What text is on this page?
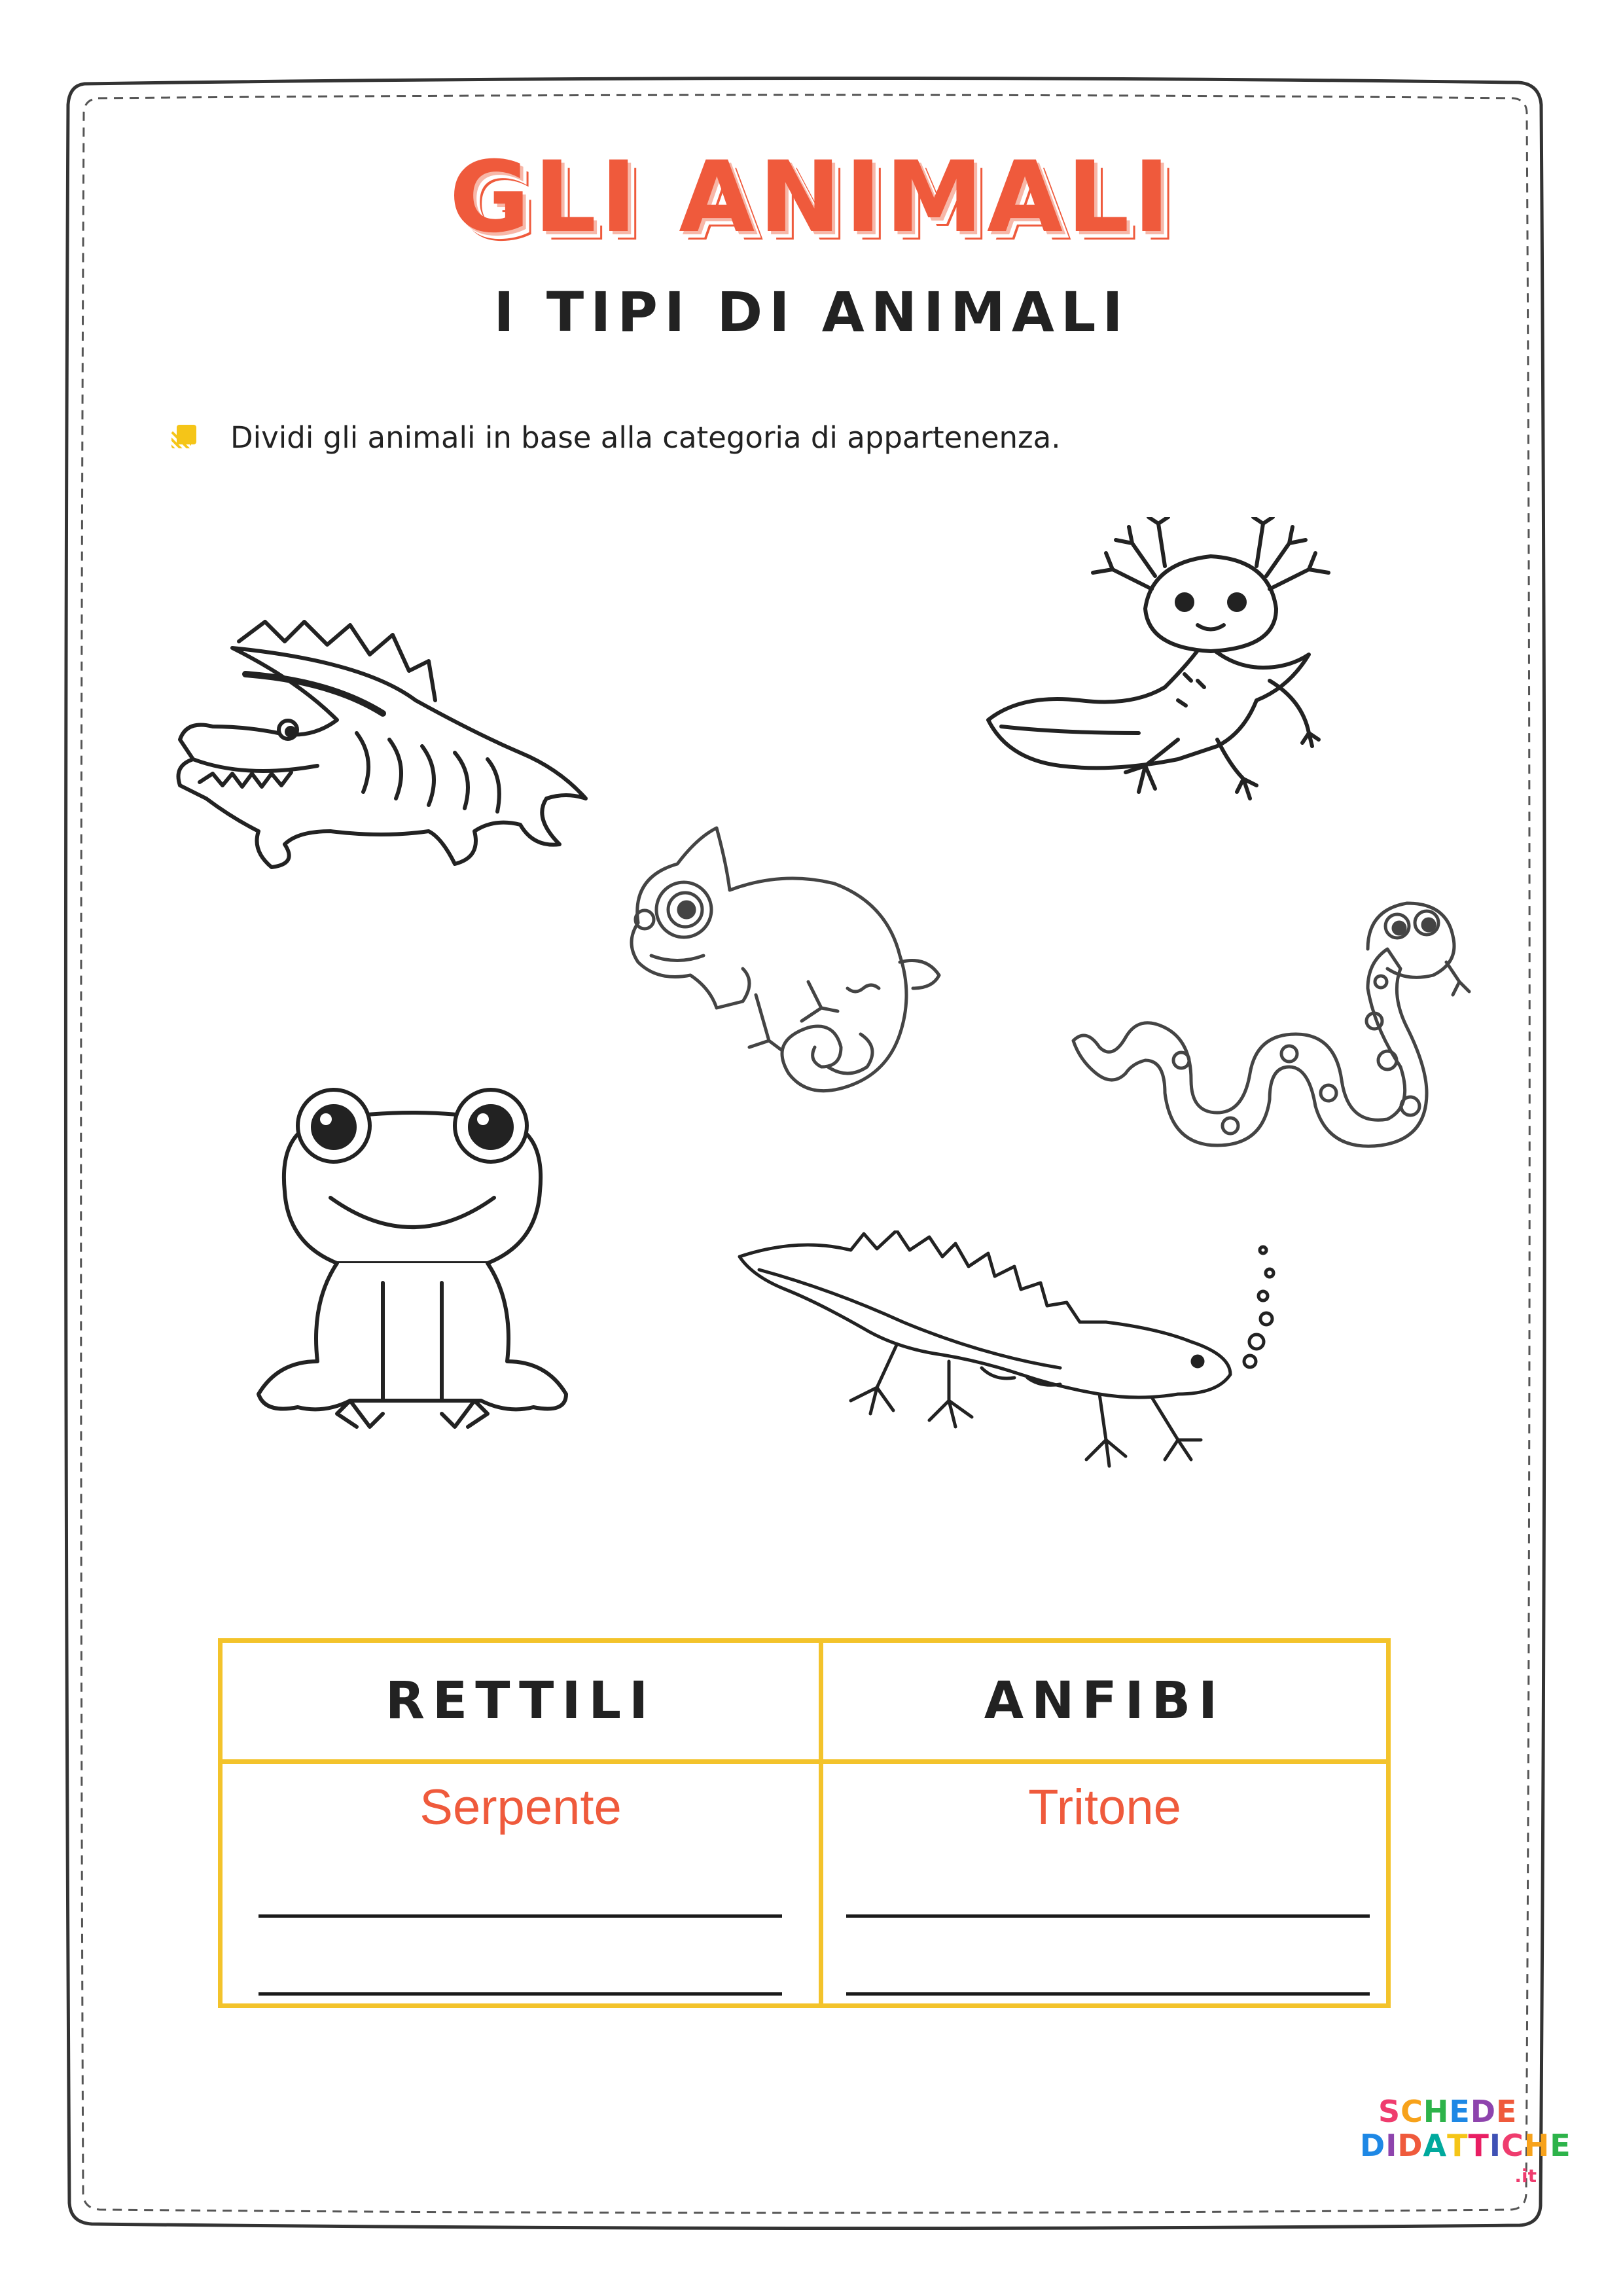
GLI ANIMALI
I TIPI DI ANIMALI
Dividi gli animali in base alla categoria di appartenenza.
RETTILI
Serpente
ANFIBI
Tritone
SCHEDE
DIDATTICHE
.it
